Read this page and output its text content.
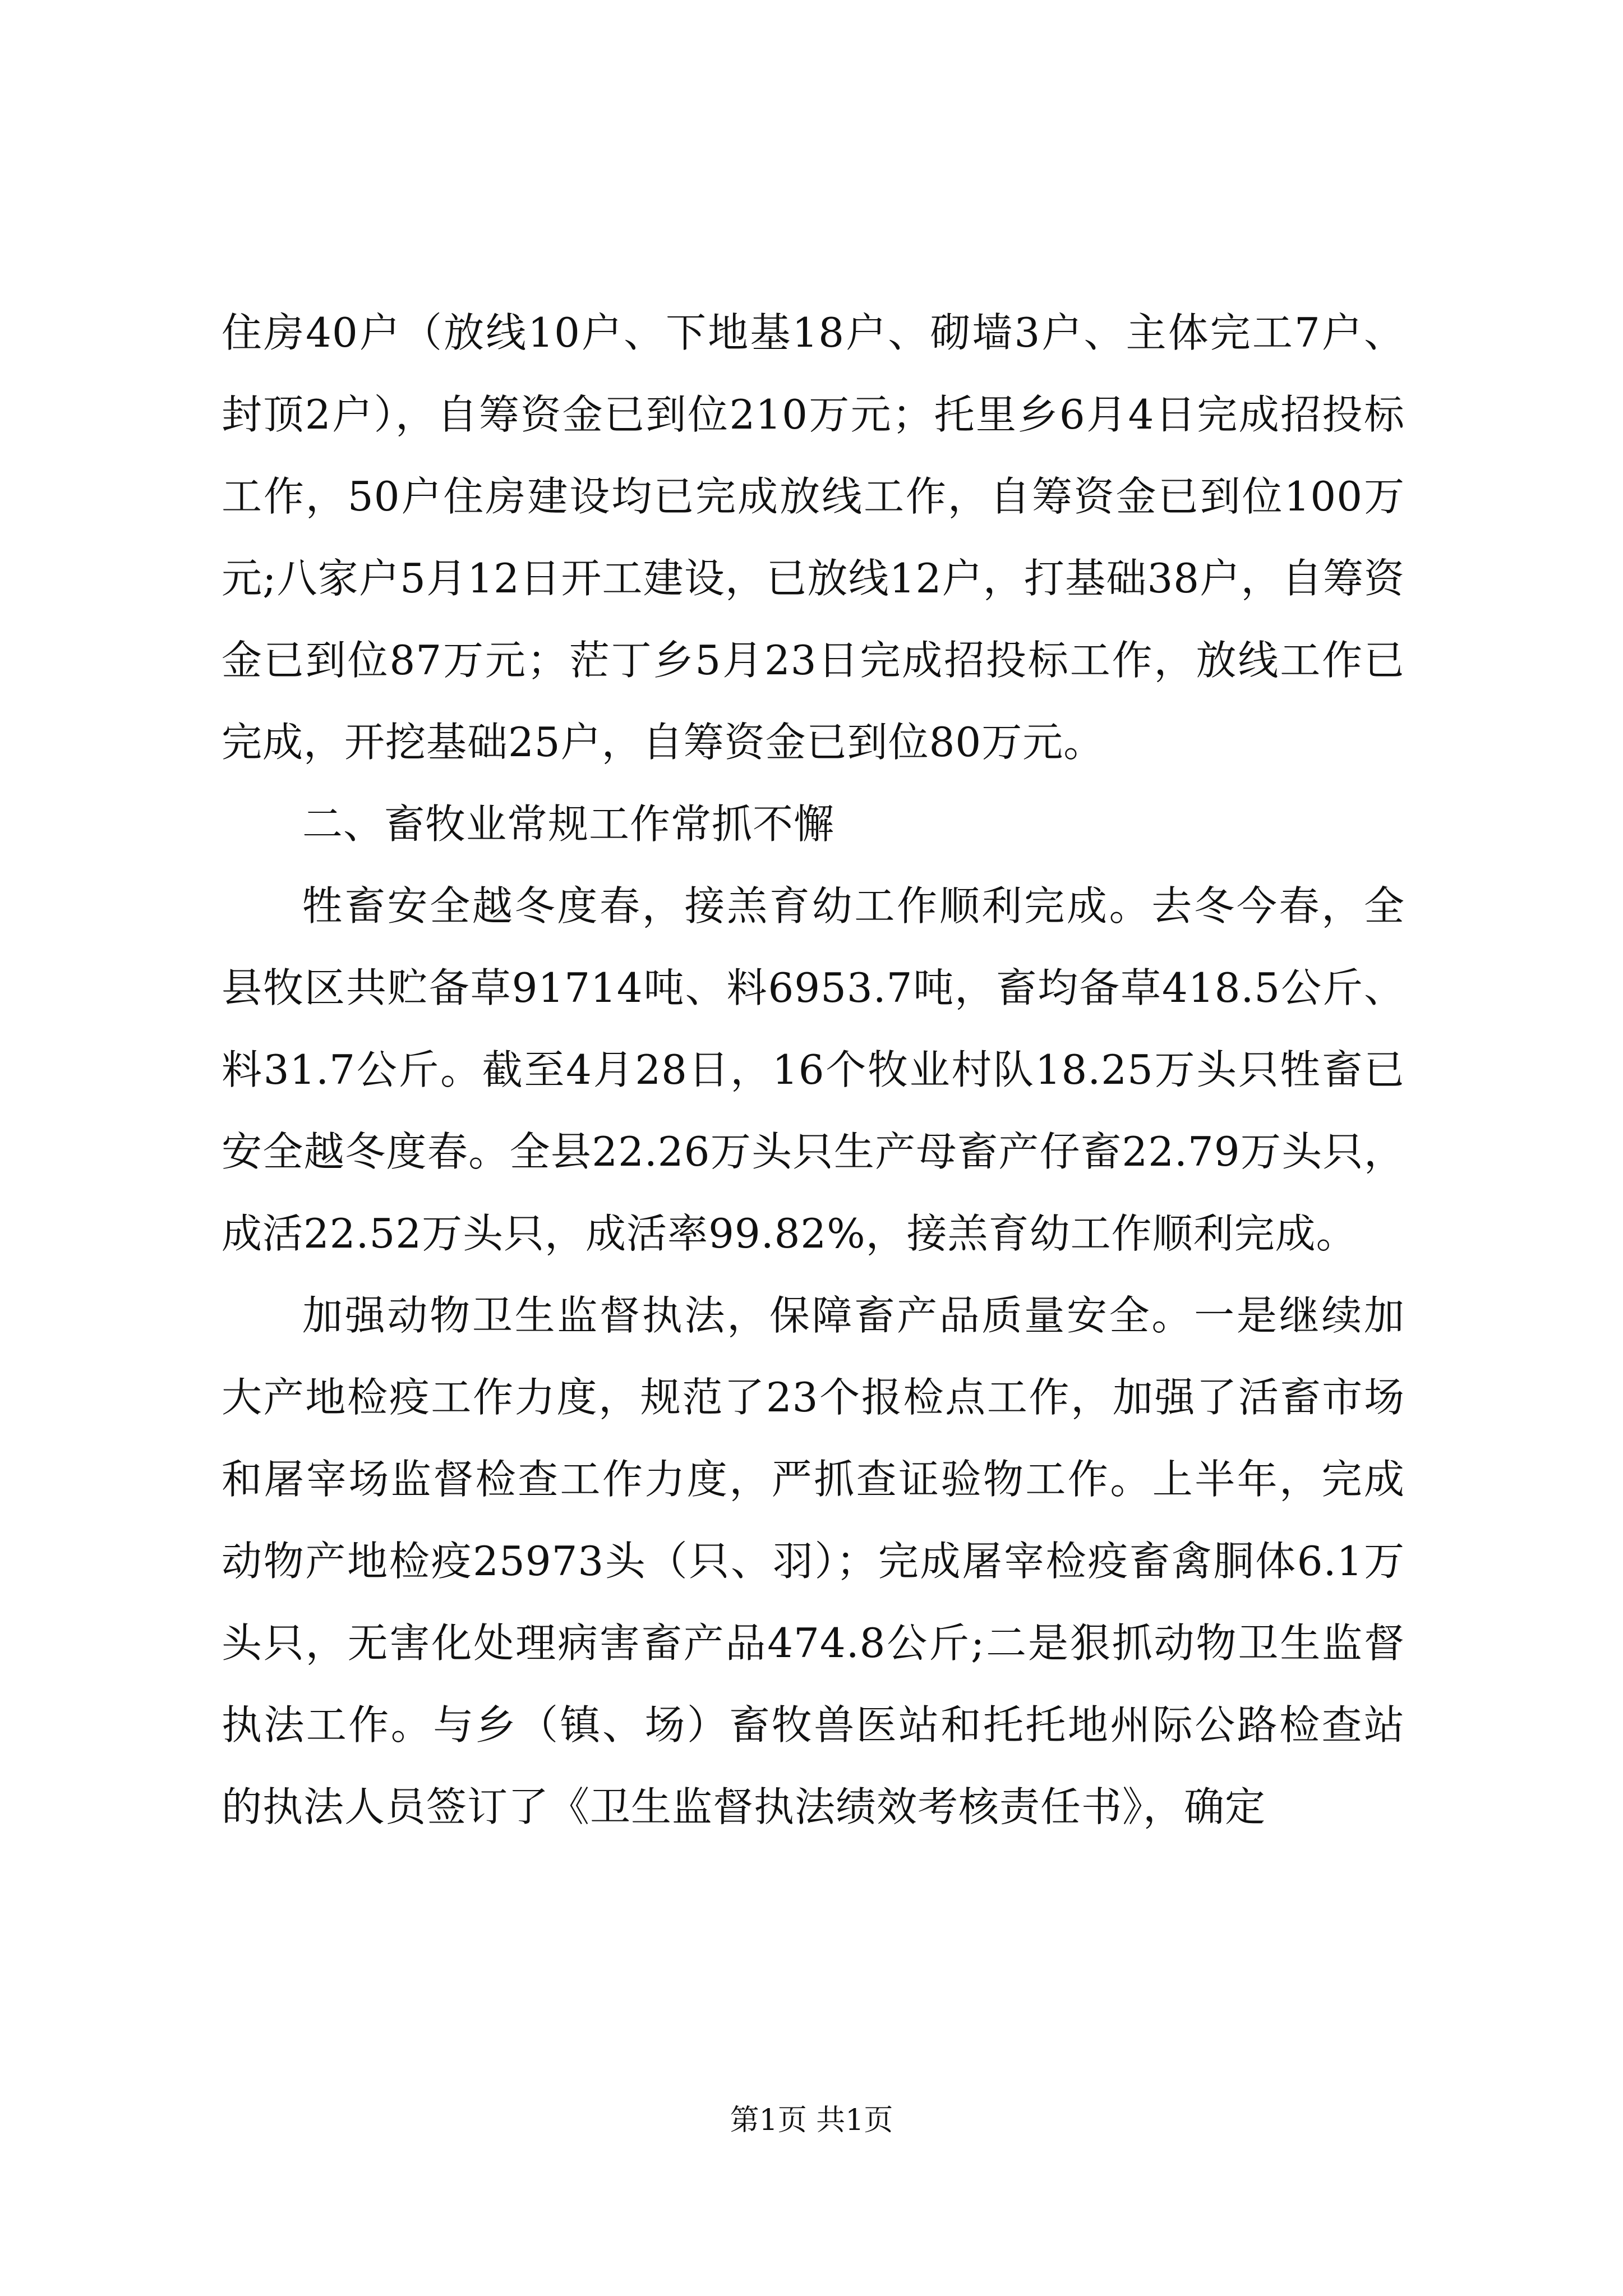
住房40户（放线10户、下地基18户、砌墙3户、主体完工7户、封顶2户），自筹资金已到位210万元；托里乡6月4日完成招投标工作，50户住房建设均已完成放线工作，自筹资金已到位100万元;八家户5月12日开工建设，已放线12户，打基础38户，自筹资金已到位87万元；茫丁乡5月23日完成招投标工作，放线工作已完成，开挖基础25户，自筹资金已到位80万元。

二、畜牧业常规工作常抓不懈

牲畜安全越冬度春，接羔育幼工作顺利完成。去冬今春，全县牧区共贮备草91714吨、料6953.7吨，畜均备草418.5公斤、料31.7公斤。截至4月28日，16个牧业村队18.25万头只牲畜已安全越冬度春。全县22.26万头只生产母畜产仔畜22.79万头只，成活22.52万头只，成活率99.82%，接羔育幼工作顺利完成。

加强动物卫生监督执法，保障畜产品质量安全。一是继续加大产地检疫工作力度，规范了23个报检点工作，加强了活畜市场和屠宰场监督检查工作力度，严抓查证验物工作。上半年，完成动物产地检疫25973头（只、羽）；完成屠宰检疫畜禽胴体6.1万头只，无害化处理病害畜产品474.8公斤;二是狠抓动物卫生监督执法工作。与乡（镇、场）畜牧兽医站和托托地州际公路检查站的执法人员签订了《卫生监督执法绩效考核责任书》，确定

第1页 共1页
